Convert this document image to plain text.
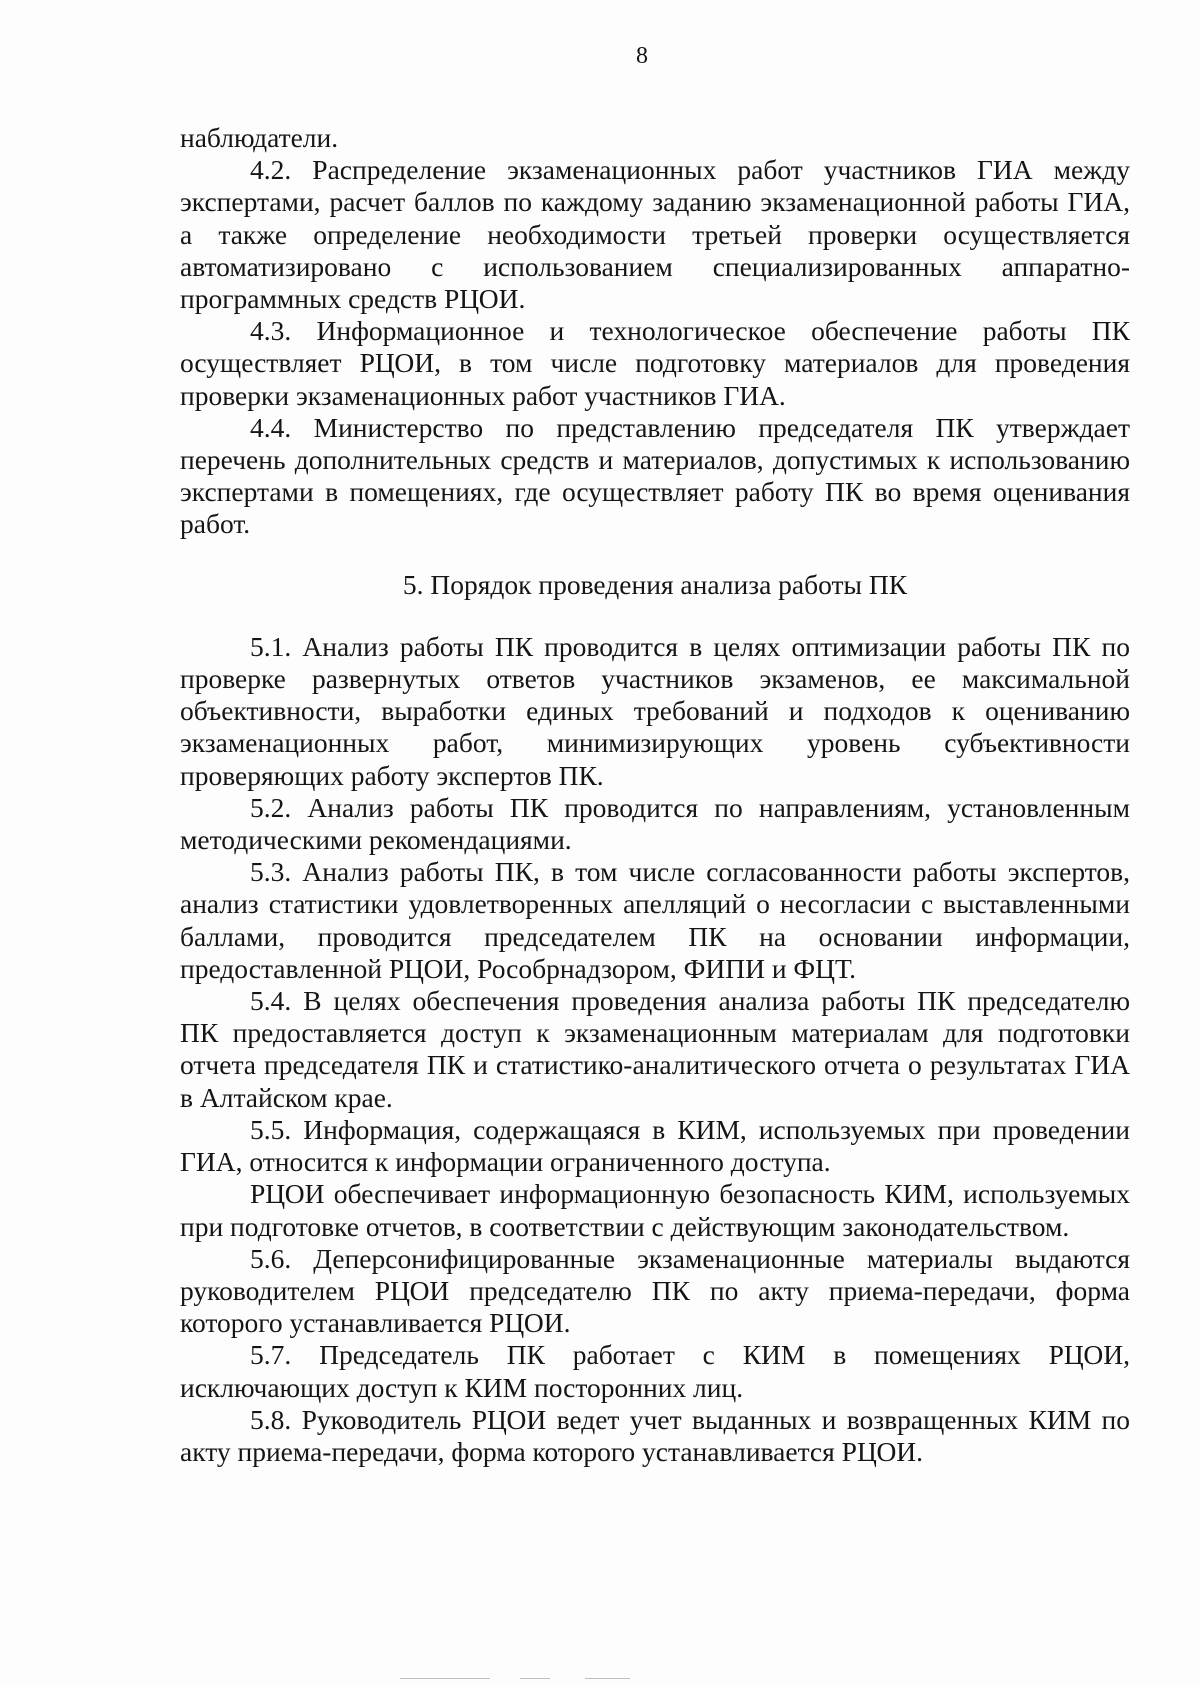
8

наблюдатели.

4.2. Распределение экзаменационных работ участников ГИА между экспертами, расчет баллов по каждому заданию экзаменационной работы ГИА, а также определение необходимости третьей проверки осуществляется автоматизировано с использованием специализированных аппаратно-программных средств РЦОИ.

4.3. Информационное и технологическое обеспечение работы ПК осуществляет РЦОИ, в том числе подготовку материалов для проведения проверки экзаменационных работ участников ГИА.

4.4. Министерство по представлению председателя ПК утверждает перечень дополнительных средств и материалов, допустимых к использованию экспертами в помещениях, где осуществляет работу ПК во время оценивания работ.

5. Порядок проведения анализа работы ПК

5.1. Анализ работы ПК проводится в целях оптимизации работы ПК по проверке развернутых ответов участников экзаменов, ее максимальной объективности, выработки единых требований и подходов к оцениванию экзаменационных работ, минимизирующих уровень субъективности проверяющих работу экспертов ПК.

5.2. Анализ работы ПК проводится по направлениям, установленным методическими рекомендациями.

5.3. Анализ работы ПК, в том числе согласованности работы экспертов, анализ статистики удовлетворенных апелляций о несогласии с выставленными баллами, проводится председателем ПК на основании информации, предоставленной РЦОИ, Рособрнадзором, ФИПИ и ФЦТ.

5.4. В целях обеспечения проведения анализа работы ПК председателю ПК предоставляется доступ к экзаменационным материалам для подготовки отчета председателя ПК и статистико-аналитического отчета о результатах ГИА в Алтайском крае.

5.5. Информация, содержащаяся в КИМ, используемых при проведении ГИА, относится к информации ограниченного доступа.

РЦОИ обеспечивает информационную безопасность КИМ, используемых при подготовке отчетов, в соответствии с действующим законодательством.

5.6. Деперсонифицированные экзаменационные материалы выдаются руководителем РЦОИ председателю ПК по акту приема-передачи, форма которого устанавливается РЦОИ.

5.7. Председатель ПК работает с КИМ в помещениях РЦОИ, исключающих доступ к КИМ посторонних лиц.

5.8. Руководитель РЦОИ ведет учет выданных и возвращенных КИМ по акту приема-передачи, форма которого устанавливается РЦОИ.
